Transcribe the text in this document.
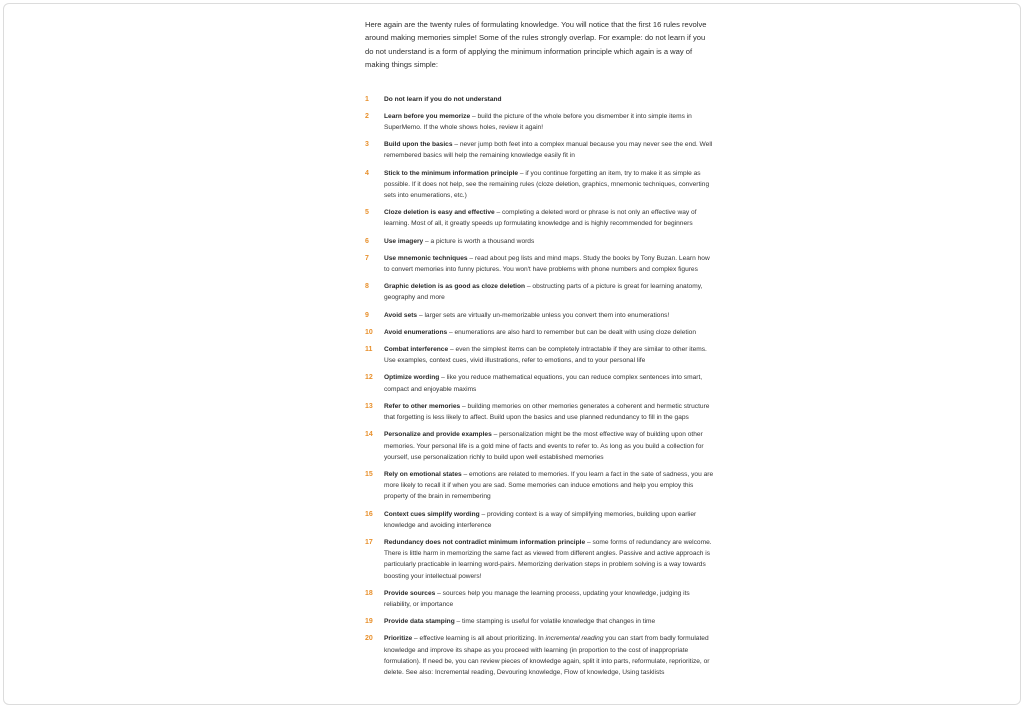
Here again are the twenty rules of formulating knowledge. You will notice that the first 16 rules revolve around making memories simple! Some of the rules strongly overlap. For example: do not learn if you do not understand is a form of applying the minimum information principle which again is a way of making things simple:

1 Do not learn if you do not understand
2 Learn before you memorize – build the picture of the whole before you dismember it into simple items in SuperMemo. If the whole shows holes, review it again!
3 Build upon the basics – never jump both feet into a complex manual because you may never see the end. Well remembered basics will help the remaining knowledge easily fit in
4 Stick to the minimum information principle – if you continue forgetting an item, try to make it as simple as possible. If it does not help, see the remaining rules (cloze deletion, graphics, mnemonic techniques, converting sets into enumerations, etc.)
5 Cloze deletion is easy and effective – completing a deleted word or phrase is not only an effective way of learning. Most of all, it greatly speeds up formulating knowledge and is highly recommended for beginners
6 Use imagery – a picture is worth a thousand words
7 Use mnemonic techniques – read about peg lists and mind maps. Study the books by Tony Buzan. Learn how to convert memories into funny pictures. You won't have problems with phone numbers and complex figures
8 Graphic deletion is as good as cloze deletion – obstructing parts of a picture is great for learning anatomy, geography and more
9 Avoid sets – larger sets are virtually un-memorizable unless you convert them into enumerations!
10 Avoid enumerations – enumerations are also hard to remember but can be dealt with using cloze deletion
11 Combat interference – even the simplest items can be completely intractable if they are similar to other items. Use examples, context cues, vivid illustrations, refer to emotions, and to your personal life
12 Optimize wording – like you reduce mathematical equations, you can reduce complex sentences into smart, compact and enjoyable maxims
13 Refer to other memories – building memories on other memories generates a coherent and hermetic structure that forgetting is less likely to affect. Build upon the basics and use planned redundancy to fill in the gaps
14 Personalize and provide examples – personalization might be the most effective way of building upon other memories. Your personal life is a gold mine of facts and events to refer to. As long as you build a collection for yourself, use personalization richly to build upon well established memories
15 Rely on emotional states – emotions are related to memories. If you learn a fact in the sate of sadness, you are more likely to recall it if when you are sad. Some memories can induce emotions and help you employ this property of the brain in remembering
16 Context cues simplify wording – providing context is a way of simplifying memories, building upon earlier knowledge and avoiding interference
17 Redundancy does not contradict minimum information principle – some forms of redundancy are welcome. There is little harm in memorizing the same fact as viewed from different angles. Passive and active approach is particularly practicable in learning word-pairs. Memorizing derivation steps in problem solving is a way towards boosting your intellectual powers!
18 Provide sources – sources help you manage the learning process, updating your knowledge, judging its reliability, or importance
19 Provide data stamping – time stamping is useful for volatile knowledge that changes in time
20 Prioritize – effective learning is all about prioritizing. In incremental reading you can start from badly formulated knowledge and improve its shape as you proceed with learning (in proportion to the cost of inappropriate formulation). If need be, you can review pieces of knowledge again, split it into parts, reformulate, reprioritize, or delete. See also: Incremental reading, Devouring knowledge, Flow of knowledge, Using tasklists
